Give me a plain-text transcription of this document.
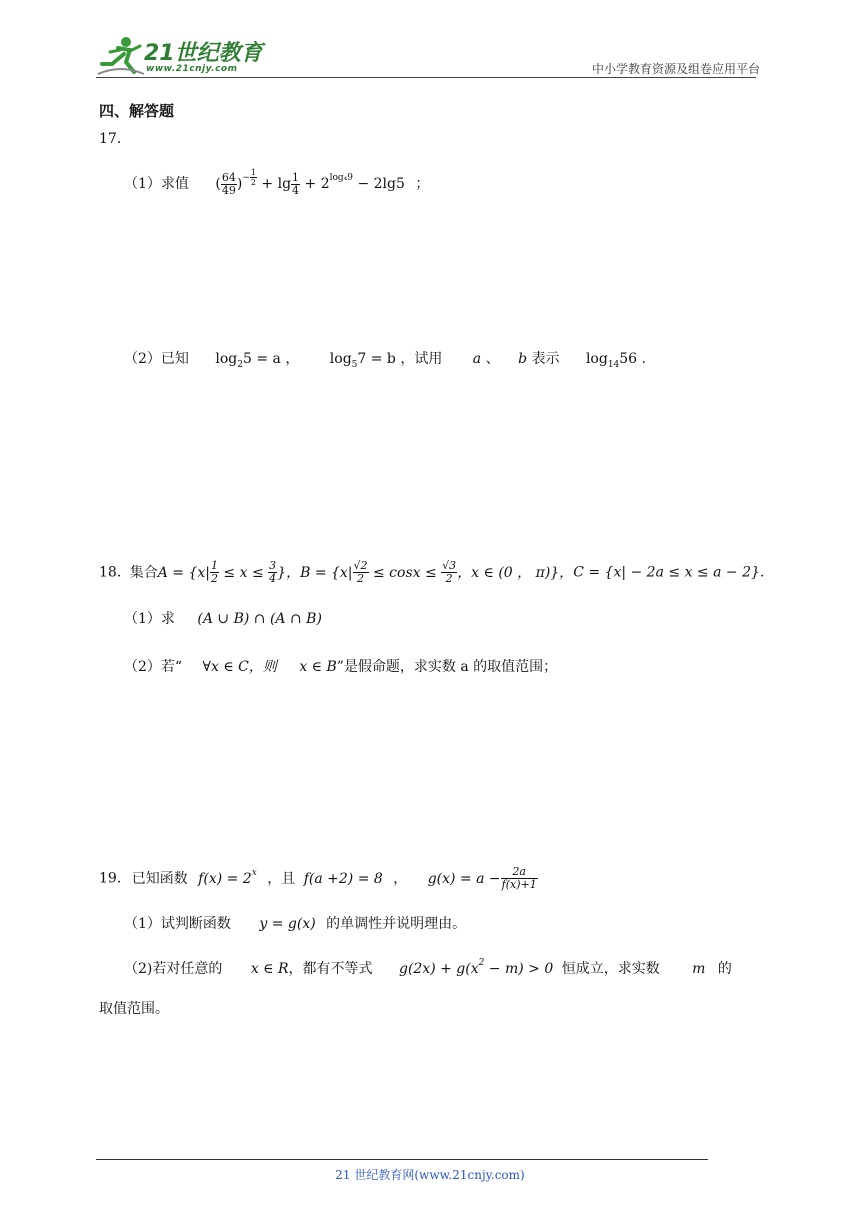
21世纪教育
www.21cnjy.com	中小学教育资源及组卷应用平台
四、解答题
17.
（1）求值 ( $\frac{64}{49} )^{- \frac{1}{2}} + \lg \frac{1}{4} + 2^{log_49} - 2\lg 5$ ；
（2）已知 $\log_25 = a$ ， $\log_57 = b$ ，试用 a 、 b 表示 $\log_{14}56$ .
18. 集合$A = \{x| \frac{1}{2} \le x \le \frac{3}{4}$ }，$B = \{x| \frac{√2}{2} \le \cos x \le \frac{√3}{2}$ ，x ∈ (0 ， π)}，C = {x| − 2a ≤ x ≤ a − 2}.
（1）求 (A ∪ B) ∩ (A ∩ B)
（2）若“ ∀x ∈ C，则 x ∈ B”是假命题，求实数 a 的取值范围；
19. 已知函数 $f(x) = 2^x$ ，且 f(a +2) = 8 ， $g(x) = a - \frac{2a}{f(x)+1}$
（1）试判断函数 y = g(x) 的单调性并说明理由。
（2)若对任意的 x ∈ R，都有不等式 $g(2x) + g(x^2 - m) > 0$ 恒成立，求实数 m 的
取值范围。
21 世纪教育网(www.21cnjy.com)
